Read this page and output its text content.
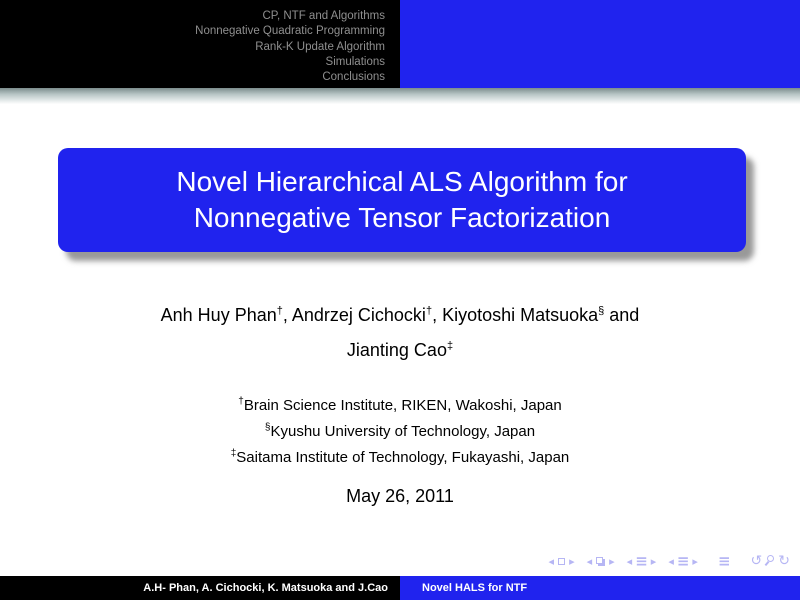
CP, NTF and Algorithms
Nonnegative Quadratic Programming
Rank-K Update Algorithm
Simulations
Conclusions
Novel Hierarchical ALS Algorithm for
Nonnegative Tensor Factorization
Anh Huy Phan†, Andrzej Cichocki†, Kiyotoshi Matsuoka§ and
Jianting Cao‡
†Brain Science Institute, RIKEN, Wakoshi, Japan
§Kyushu University of Technology, Japan
‡Saitama Institute of Technology, Fukayashi, Japan
May 26, 2011
◂ ▸ ◂ ▸ ◂ ≡ ▸ ◂ ≡ ▸ ≡ ↺ ↻
A.H- Phan, A. Cichocki, K. Matsuoka and J.Cao	Novel HALS for NTF
